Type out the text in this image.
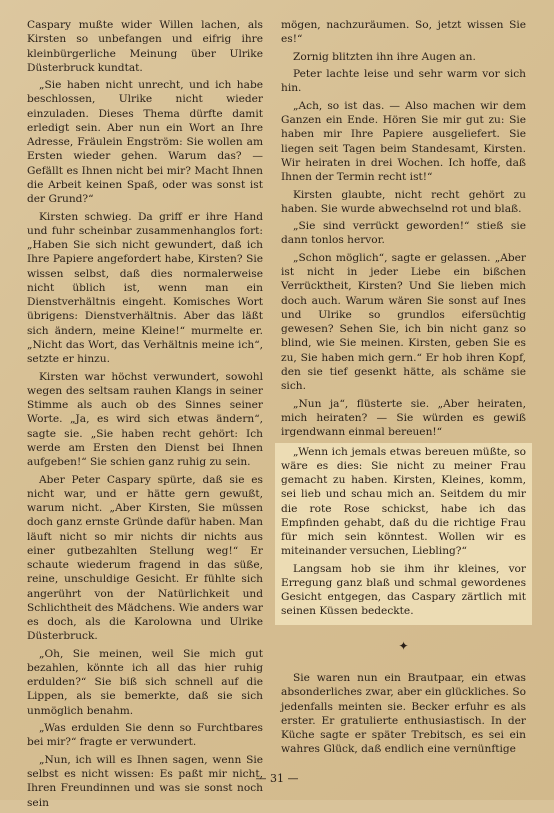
Caspary mußte wider Willen lachen, als Kirsten so unbefangen und eifrig ihre kleinbürgerliche Meinung über Ulrike Düsterbruck kundtat.

„Sie haben nicht unrecht, und ich habe beschlossen, Ulrike nicht wieder einzuladen. Dieses Thema dürfte damit erledigt sein. Aber nun ein Wort an Ihre Adresse, Fräulein Engström: Sie wollen am Ersten wieder gehen. Warum das? — Gefällt es Ihnen nicht bei mir? Macht Ihnen die Arbeit keinen Spaß, oder was sonst ist der Grund?“

Kirsten schwieg. Da griff er ihre Hand und fuhr scheinbar zusammenhanglos fort: „Haben Sie sich nicht gewundert, daß ich Ihre Papiere angefordert habe, Kirsten? Sie wissen selbst, daß dies normalerweise nicht üblich ist, wenn man ein Dienstverhältnis eingeht. Komisches Wort übrigens: Dienstverhältnis. Aber das läßt sich ändern, meine Kleine!“ murmelte er. „Nicht das Wort, das Verhältnis meine ich“, setzte er hinzu.

Kirsten war höchst verwundert, sowohl wegen des seltsam rauhen Klangs in seiner Stimme als auch ob des Sinnes seiner Worte. „Ja, es wird sich etwas ändern“, sagte sie. „Sie haben recht gehört: Ich werde am Ersten den Dienst bei Ihnen aufgeben!“ Sie schien ganz ruhig zu sein.

Aber Peter Caspary spürte, daß sie es nicht war, und er hätte gern gewußt, warum nicht. „Aber Kirsten, Sie müssen doch ganz ernste Gründe dafür haben. Man läuft nicht so mir nichts dir nichts aus einer gutbezahlten Stellung weg!“ Er schaute wiederum fragend in das süße, reine, unschuldige Gesicht. Er fühlte sich angerührt von der Natürlichkeit und Schlichtheit des Mädchens. Wie anders war es doch, als die Karolowna und Ulrike Düsterbruck.

„Oh, Sie meinen, weil Sie mich gut bezahlen, könnte ich all das hier ruhig erdulden?“ Sie biß sich schnell auf die Lippen, als sie bemerkte, daß sie sich unmöglich benahm.

„Was erdulden Sie denn so Furchtbares bei mir?“ fragte er verwundert.

„Nun, ich will es Ihnen sagen, wenn Sie selbst es nicht wissen: Es paßt mir nicht, Ihren Freundinnen und was sie sonst noch sein

mögen, nachzuräumen. So, jetzt wissen Sie es!“

Zornig blitzten ihn ihre Augen an.

Peter lachte leise und sehr warm vor sich hin.

„Ach, so ist das. — Also machen wir dem Ganzen ein Ende. Hören Sie mir gut zu: Sie haben mir Ihre Papiere ausgeliefert. Sie liegen seit Tagen beim Standesamt, Kirsten. Wir heiraten in drei Wochen. Ich hoffe, daß Ihnen der Termin recht ist!“

Kirsten glaubte, nicht recht gehört zu haben. Sie wurde abwechselnd rot und blaß.

„Sie sind verrückt geworden!“ stieß sie dann tonlos hervor.

„Schon möglich“, sagte er gelassen. „Aber ist nicht in jeder Liebe ein bißchen Verrücktheit, Kirsten? Und Sie lieben mich doch auch. Warum wären Sie sonst auf Ines und Ulrike so grundlos eifersüchtig gewesen? Sehen Sie, ich bin nicht ganz so blind, wie Sie meinen. Kirsten, geben Sie es zu, Sie haben mich gern.“ Er hob ihren Kopf, den sie tief gesenkt hätte, als schäme sie sich.

„Nun ja“, flüsterte sie. „Aber heiraten, mich heiraten? — Sie würden es gewiß irgendwann einmal bereuen!“

„Wenn ich jemals etwas bereuen müßte, so wäre es dies: Sie nicht zu meiner Frau gemacht zu haben. Kirsten, Kleines, komm, sei lieb und schau mich an. Seitdem du mir die rote Rose schickst, habe ich das Empfinden gehabt, daß du die richtige Frau für mich sein könntest. Wollen wir es miteinander versuchen, Liebling?“

Langsam hob sie ihm ihr kleines, vor Erregung ganz blaß und schmal gewordenes Gesicht entgegen, das Caspary zärtlich mit seinen Küssen bedeckte.

✦

Sie waren nun ein Brautpaar, ein etwas absonderliches zwar, aber ein glückliches. So jedenfalls meinten sie. Becker erfuhr es als erster. Er gratulierte enthusiastisch. In der Küche sagte er später Trebitsch, es sei ein wahres Glück, daß endlich eine vernünftige

— 31 —
